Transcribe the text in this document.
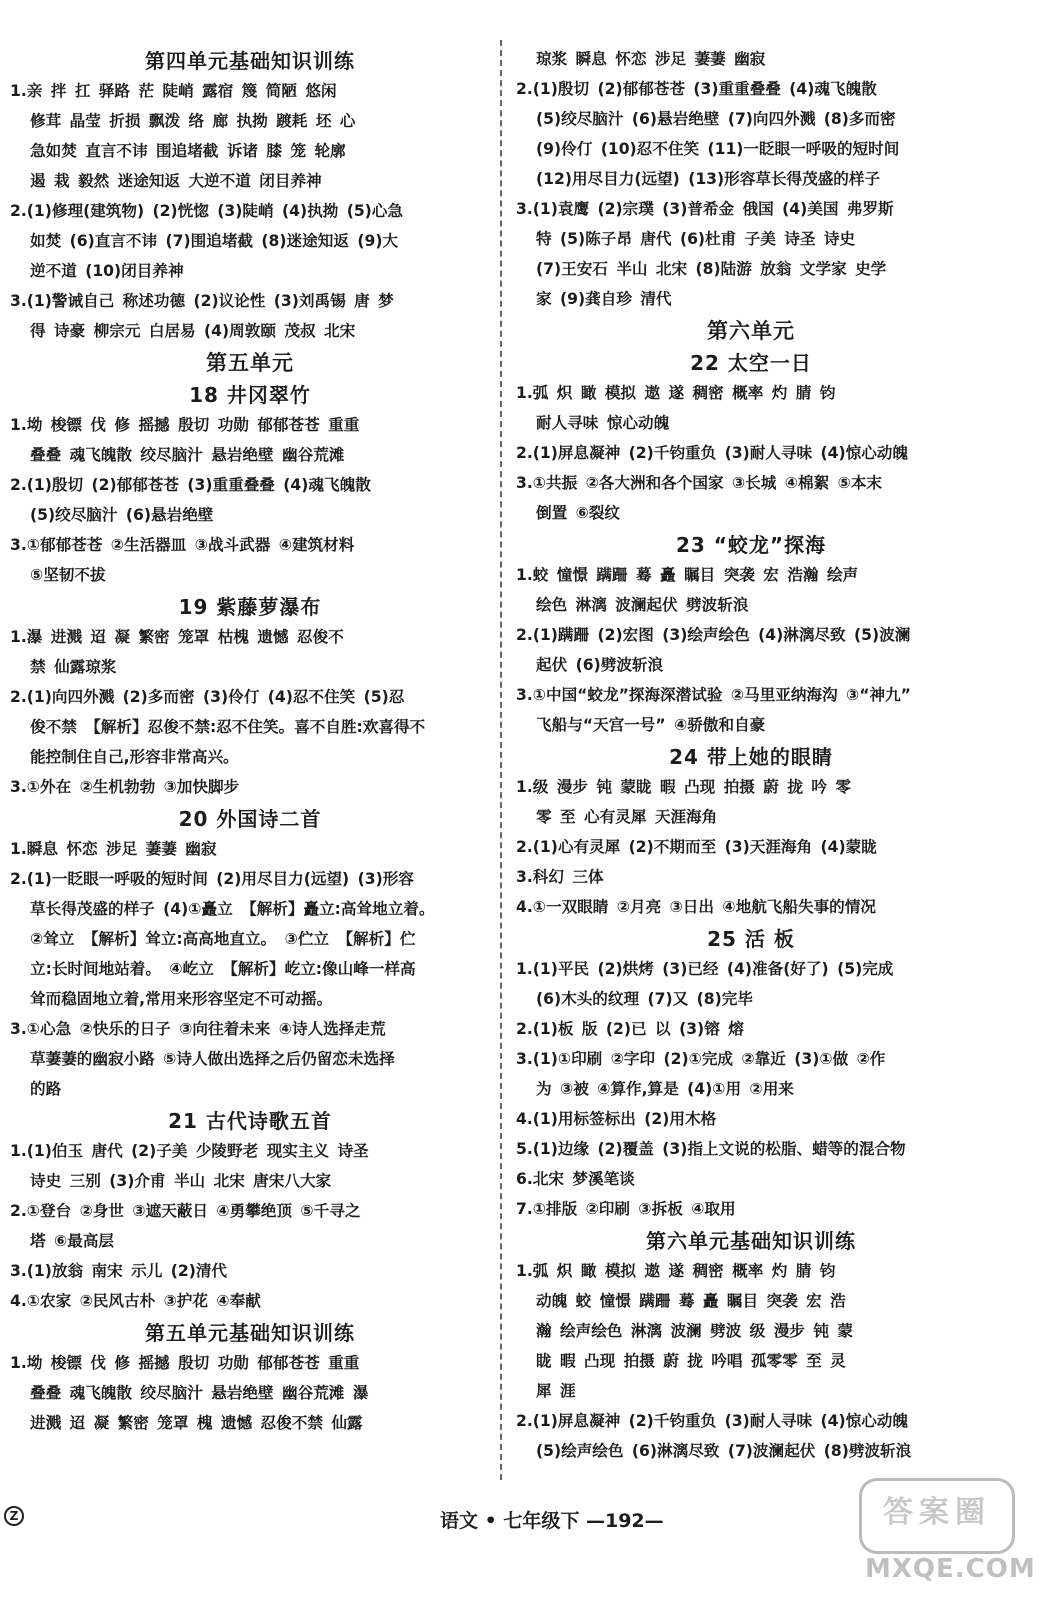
第四单元基础知识训练
1.亲 拌 扛 驿路 茫 陡峭 露宿 篾 简陋 悠闲
修茸 晶莹 折损 飘泼 络 廊 执拗 踱耗 坯 心
急如焚 直言不讳 围追堵截 诉诸 膝 笼 轮廓
遏 栽 毅然 迷途知返 大逆不道 闭目养神
2.(1)修理(建筑物) (2)恍惚 (3)陡峭 (4)执拗 (5)心急
如焚 (6)直言不讳 (7)围追堵截 (8)迷途知返 (9)大
逆不道 (10)闭目养神
3.(1)警诫自己 称述功德 (2)议论性 (3)刘禹锡 唐 梦
得 诗豪 柳宗元 白居易 (4)周敦颐 茂叔 北宋
第五单元
18 井冈翠竹
1.坳 梭镖 伐 修 摇撼 殷切 功勋 郁郁苍苍 重重
叠叠 魂飞魄散 绞尽脑汁 悬岩绝壁 幽谷荒滩
2.(1)殷切 (2)郁郁苍苍 (3)重重叠叠 (4)魂飞魄散
(5)绞尽脑汁 (6)悬岩绝壁
3.①郁郁苍苍 ②生活器皿 ③战斗武器 ④建筑材料
⑤坚韧不拔
19 紫藤萝瀑布
1.瀑 进溅 迢 凝 繁密 笼罩 枯槐 遗憾 忍俊不
禁 仙露琼浆
2.(1)向四外溅 (2)多而密 (3)伶仃 (4)忍不住笑 (5)忍
俊不禁 【解析】忍俊不禁:忍不住笑。喜不自胜:欢喜得不
能控制住自己,形容非常高兴。
3.①外在 ②生机勃勃 ③加快脚步
20 外国诗二首
1.瞬息 怀恋 涉足 萋萋 幽寂
2.(1)一眨眼一呼吸的短时间 (2)用尽目力(远望) (3)形容
草长得茂盛的样子 (4)①矗立 【解析】矗立:高耸地立着。
②耸立 【解析】耸立:高高地直立。 ③伫立 【解析】伫
立:长时间地站着。 ④屹立 【解析】屹立:像山峰一样高
耸而稳固地立着,常用来形容坚定不可动摇。
3.①心急 ②快乐的日子 ③向往着未来 ④诗人选择走荒
草萋萋的幽寂小路 ⑤诗人做出选择之后仍留恋未选择
的路
21 古代诗歌五首
1.(1)伯玉 唐代 (2)子美 少陵野老 现实主义 诗圣
诗史 三别 (3)介甫 半山 北宋 唐宋八大家
2.①登台 ②身世 ③遮天蔽日 ④勇攀绝顶 ⑤千寻之
塔 ⑥最高层
3.(1)放翁 南宋 示儿 (2)清代
4.①农家 ②民风古朴 ③护花 ④奉献
第五单元基础知识训练
1.坳 梭镖 伐 修 摇撼 殷切 功勋 郁郁苍苍 重重
叠叠 魂飞魄散 绞尽脑汁 悬岩绝壁 幽谷荒滩 瀑
进溅 迢 凝 繁密 笼罩 槐 遗憾 忍俊不禁 仙露
琼浆 瞬息 怀恋 涉足 萋萋 幽寂
2.(1)殷切 (2)郁郁苍苍 (3)重重叠叠 (4)魂飞魄散
(5)绞尽脑汁 (6)悬岩绝壁 (7)向四外溅 (8)多而密
(9)伶仃 (10)忍不住笑 (11)一眨眼一呼吸的短时间
(12)用尽目力(远望) (13)形容草长得茂盛的样子
3.(1)袁鹰 (2)宗璞 (3)普希金 俄国 (4)美国 弗罗斯
特 (5)陈子昂 唐代 (6)杜甫 子美 诗圣 诗史
(7)王安石 半山 北宋 (8)陆游 放翁 文学家 史学
家 (9)龚自珍 清代
第六单元
22 太空一日
1.弧 炽 瞰 模拟 遨 遂 稠密 概率 灼 腈 钧
耐人寻味 惊心动魄
2.(1)屏息凝神 (2)千钧重负 (3)耐人寻味 (4)惊心动魄
3.①共振 ②各大洲和各个国家 ③长城 ④棉絮 ⑤本末
倒置 ⑥裂纹
23 “蛟龙”探海
1.蛟 憧憬 蹒跚 蓦 矗 瞩目 突袭 宏 浩瀚 绘声
绘色 淋漓 波澜起伏 劈波斩浪
2.(1)蹒跚 (2)宏图 (3)绘声绘色 (4)淋漓尽致 (5)波澜
起伏 (6)劈波斩浪
3.①中国“蛟龙”探海深潜试验 ②马里亚纳海沟 ③“神九”
飞船与“天宫一号” ④骄傲和自豪
24 带上她的眼睛
1.级 漫步 钝 蒙眬 暇 凸现 拍摄 蔚 拢 吟 零
零 至 心有灵犀 天涯海角
2.(1)心有灵犀 (2)不期而至 (3)天涯海角 (4)蒙眬
3.科幻 三体
4.①一双眼睛 ②月亮 ③日出 ④地航飞船失事的情况
25 活 板
1.(1)平民 (2)烘烤 (3)已经 (4)准备(好了) (5)完成
(6)木头的纹理 (7)又 (8)完毕
2.(1)板 版 (2)已 以 (3)镕 熔
3.(1)①印刷 ②字印 (2)①完成 ②靠近 (3)①做 ②作
为 ③被 ④算作,算是 (4)①用 ②用来
4.(1)用标签标出 (2)用木格
5.(1)边缘 (2)覆盖 (3)指上文说的松脂、蜡等的混合物
6.北宋 梦溪笔谈
7.①排版 ②印刷 ③拆板 ④取用
第六单元基础知识训练
1.弧 炽 瞰 模拟 遨 遂 稠密 概率 灼 腈 钧
动魄 蛟 憧憬 蹒跚 蓦 矗 瞩目 突袭 宏 浩
瀚 绘声绘色 淋漓 波澜 劈波 级 漫步 钝 蒙
眬 暇 凸现 拍摄 蔚 拢 吟唱 孤零零 至 灵
犀 涯
2.(1)屏息凝神 (2)千钧重负 (3)耐人寻味 (4)惊心动魄
(5)绘声绘色 (6)淋漓尽致 (7)波澜起伏 (8)劈波斩浪
Z	语文 • 七年级下 —192—	答案圈
MXQE.COM
